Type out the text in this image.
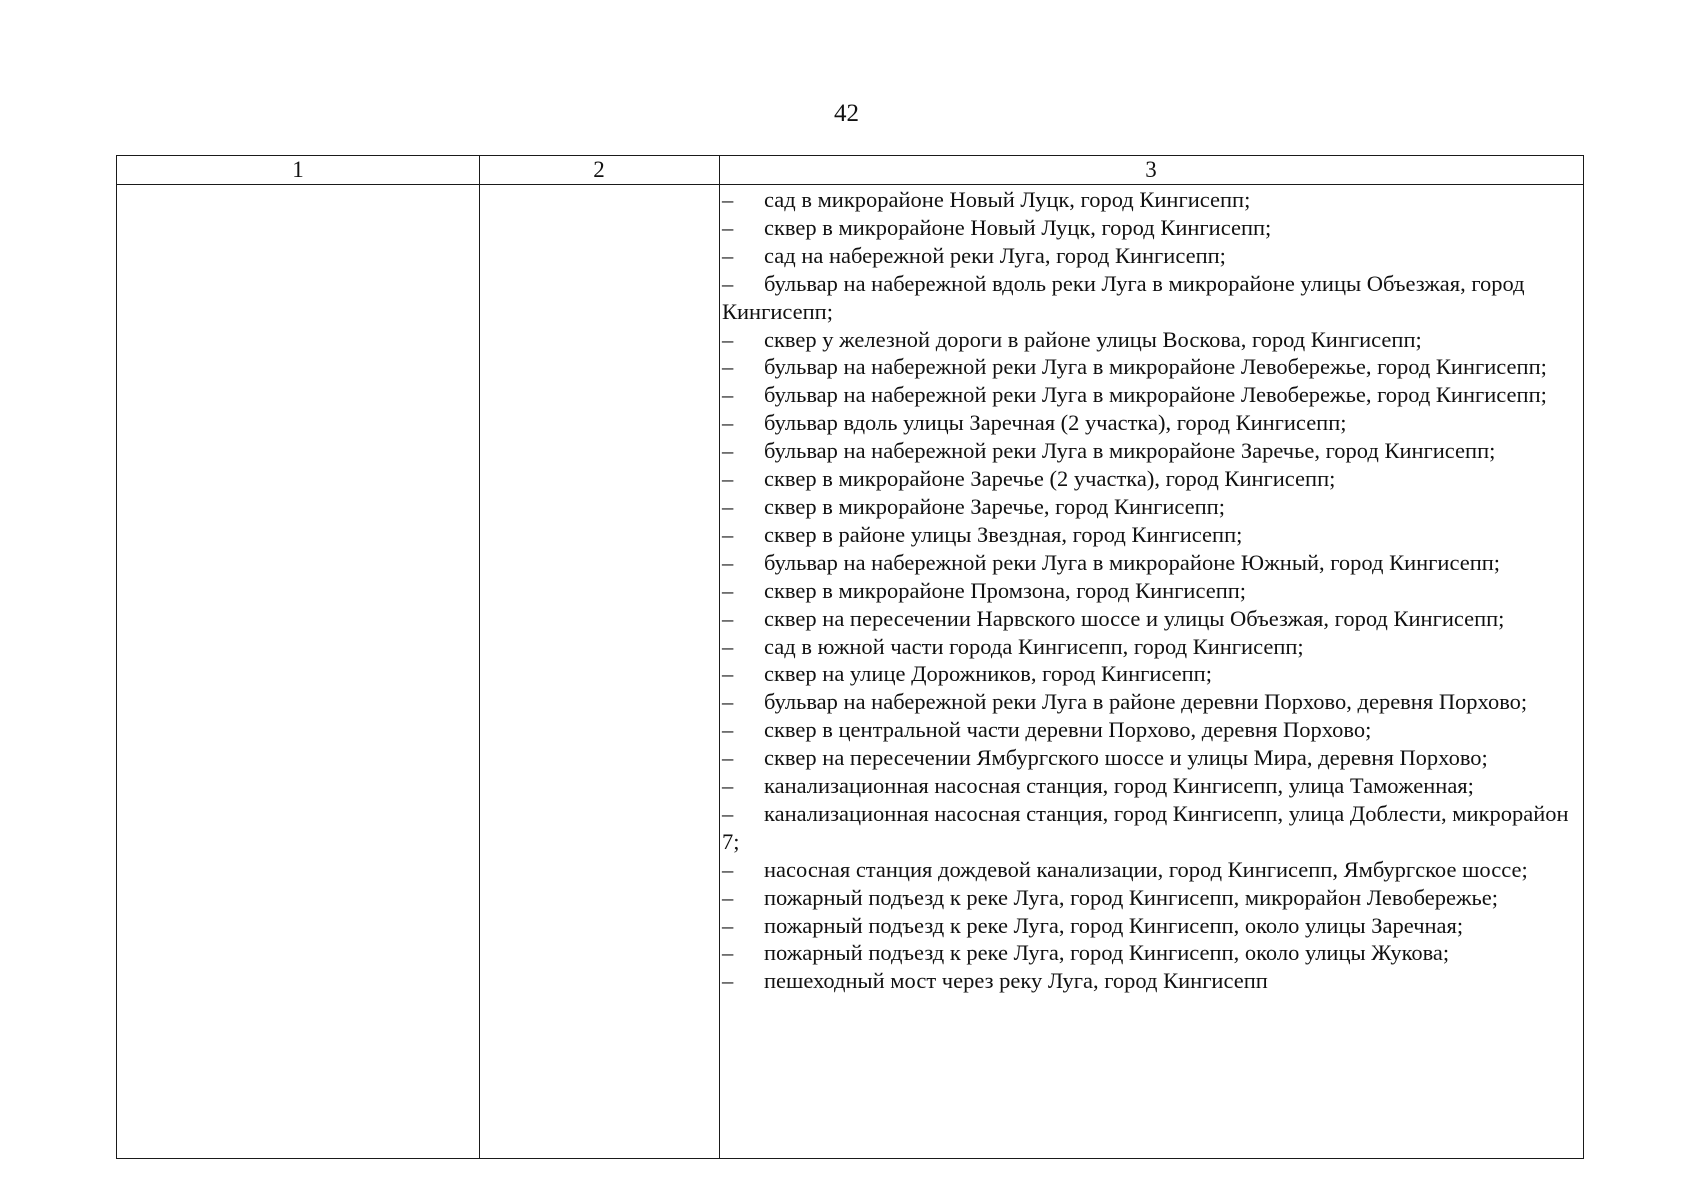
42
1	2	3
– сад в микрорайоне Новый Луцк, город Кингисепп;
– сквер в микрорайоне Новый Луцк, город Кингисепп;
– сад на набережной реки Луга, город Кингисепп;
– бульвар на набережной вдоль реки Луга в микрорайоне улицы Объезжая, город Кингисепп;
– сквер у железной дороги в районе улицы Воскова, город Кингисепп;
– бульвар на набережной реки Луга в микрорайоне Левобережье, город Кингисепп;
– бульвар на набережной реки Луга в микрорайоне Левобережье, город Кингисепп;
– бульвар вдоль улицы Заречная (2 участка), город Кингисепп;
– бульвар на набережной реки Луга в микрорайоне Заречье, город Кингисепп;
– сквер в микрорайоне Заречье (2 участка), город Кингисепп;
– сквер в микрорайоне Заречье, город Кингисепп;
– сквер в районе улицы Звездная, город Кингисепп;
– бульвар на набережной реки Луга в микрорайоне Южный, город Кингисепп;
– сквер в микрорайоне Промзона, город Кингисепп;
– сквер на пересечении Нарвского шоссе и улицы Объезжая, город Кингисепп;
– сад в южной части города Кингисепп, город Кингисепп;
– сквер на улице Дорожников, город Кингисепп;
– бульвар на набережной реки Луга в районе деревни Порхово, деревня Порхово;
– сквер в центральной части деревни Порхово, деревня Порхово;
– сквер на пересечении Ямбургского шоссе и улицы Мира, деревня Порхово;
– канализационная насосная станция, город Кингисепп, улица Таможенная;
– канализационная насосная станция, город Кингисепп, улица Доблести, микрорайон 7;
– насосная станция дождевой канализации, город Кингисепп, Ямбургское шоссе;
– пожарный подъезд к реке Луга, город Кингисепп, микрорайон Левобережье;
– пожарный подъезд к реке Луга, город Кингисепп, около улицы Заречная;
– пожарный подъезд к реке Луга, город Кингисепп, около улицы Жукова;
– пешеходный мост через реку Луга, город Кингисепп
